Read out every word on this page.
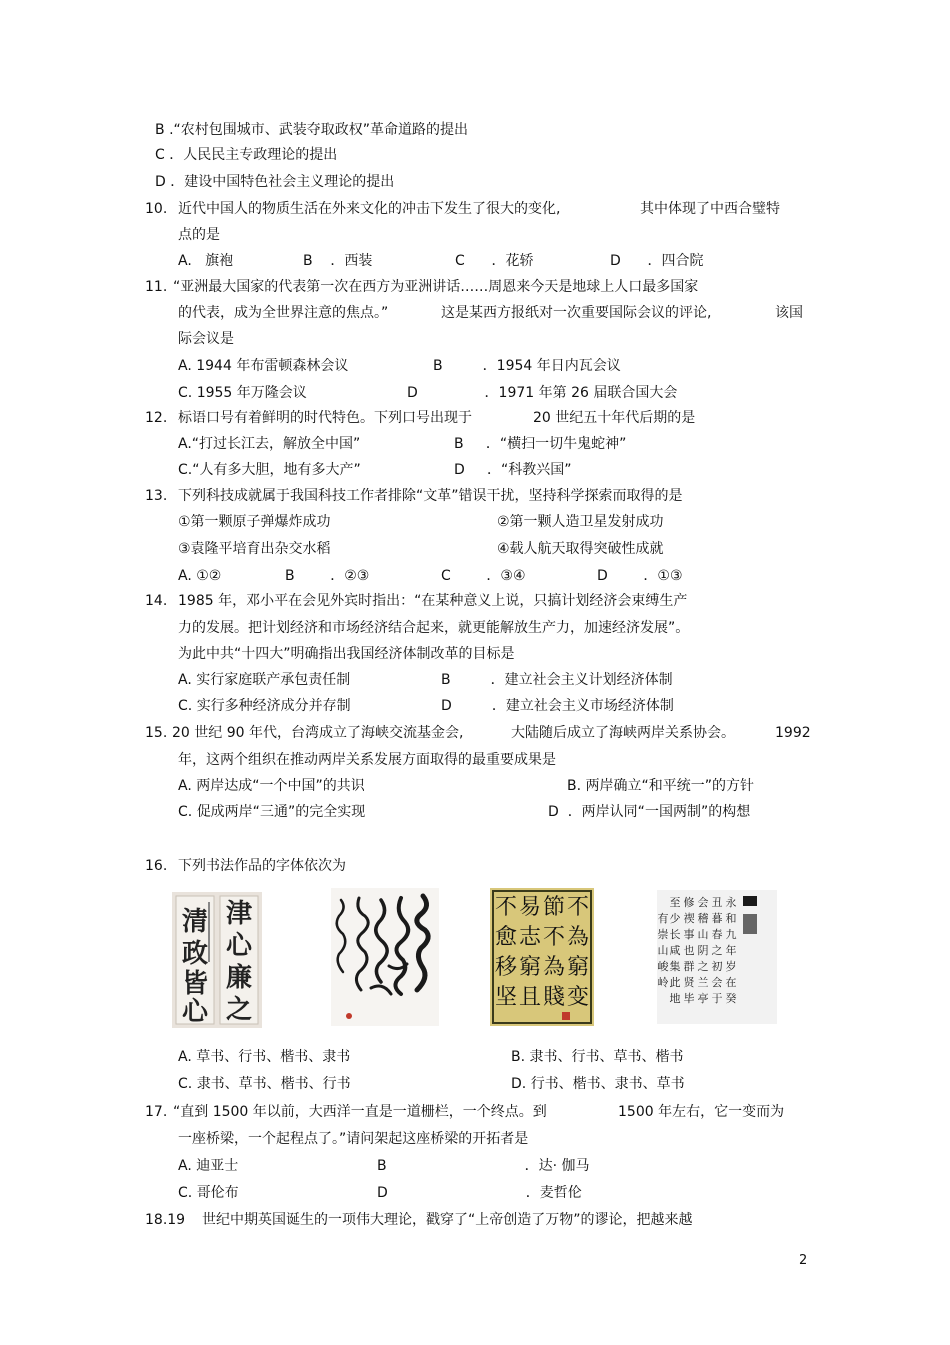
B .“农村包围城市、武装夺取政权”革命道路的提出
C ．人民民主专政理论的提出
D ．建设中国特色社会主义理论的提出
10. 近代中国人的物质生活在外来文化的冲击下发生了很大的变化,	其中体现了中西合璧特
点的是
A. 旗袍	B ．西装	C ．花轿	D ．四合院
11. “亚洲最大国家的代表第一次在西方为亚洲讲话……周恩来今天是地球上人口最多国家
的代表，成为全世界注意的焦点。”	这是某西方报纸对一次重要国际会议的评论,	该国
际会议是
A. 1944 年布雷顿森林会议	B	．1954 年日内瓦会议
C. 1955 年万隆会议	D	．1971 年第 26 届联合国大会
12. 标语口号有着鲜明的时代特色。下列口号出现于	20 世纪五十年代后期的是
A.“打过长江去，解放全中国”	B ．“横扫一切牛鬼蛇神”
C.“人有多大胆，地有多大产”	D ．“科教兴国”
13. 下列科技成就属于我国科技工作者排除“文革”错误干扰，坚持科学探索而取得的是
①第一颗原子弹爆炸成功	②第一颗人造卫星发射成功
③袁隆平培育出杂交水稻	④载人航天取得突破性成就
A. ①②	B	．②③	C	．③④	D	．①③
14. 1985 年，邓小平在会见外宾时指出：“在某种意义上说，只搞计划经济会束缚生产
力的发展。把计划经济和市场经济结合起来，就更能解放生产力，加速经济发展”。
为此中共“十四大”明确指出我国经济体制改革的目标是
A. 实行家庭联产承包责任制	B	．建立社会主义计划经济体制
C. 实行多种经济成分并存制	D	．建立社会主义市场经济体制
15. 20 世纪 90 年代，台湾成立了海峡交流基金会,	大陆随后成立了海峡两岸关系协会。	1992
年，这两个组织在推动两岸关系发展方面取得的最重要成果是
A. 两岸达成“一个中国”的共识	B. 两岸确立“和平统一”的方针
C. 促成两岸“三通”的完全实现	D ．两岸认同“一国两制”的构想
16. 下列书法作品的字体依次为
津
心
廉
之
清
政
皆
心
不
為
窮
变
節
不
為
賤
易
志
窮
且
不
愈
移
坚
永
和
九
年
岁
在
癸
丑
暮
春
之
初
会
于
会
稽
山
阴
之
兰
亭
修
禊
事
也
群
贤
毕
至
少
长
咸
集
此
地
有
崇
山
峻
岭
A. 草书、行书、楷书、隶书	B. 隶书、行书、草书、楷书
C. 隶书、草书、楷书、行书	D. 行书、楷书、隶书、草书
17. “直到 1500 年以前，大西洋一直是一道栅栏，一个终点。到	1500 年左右，它一变而为
一座桥梁，一个起程点了。”请问架起这座桥梁的开拓者是
A. 迪亚士	B	．达· 伽马
C. 哥伦布	D	．麦哲伦
18.19 世纪中期英国诞生的一项伟大理论，戳穿了“上帝创造了万物”的谬论，把越来越
2
